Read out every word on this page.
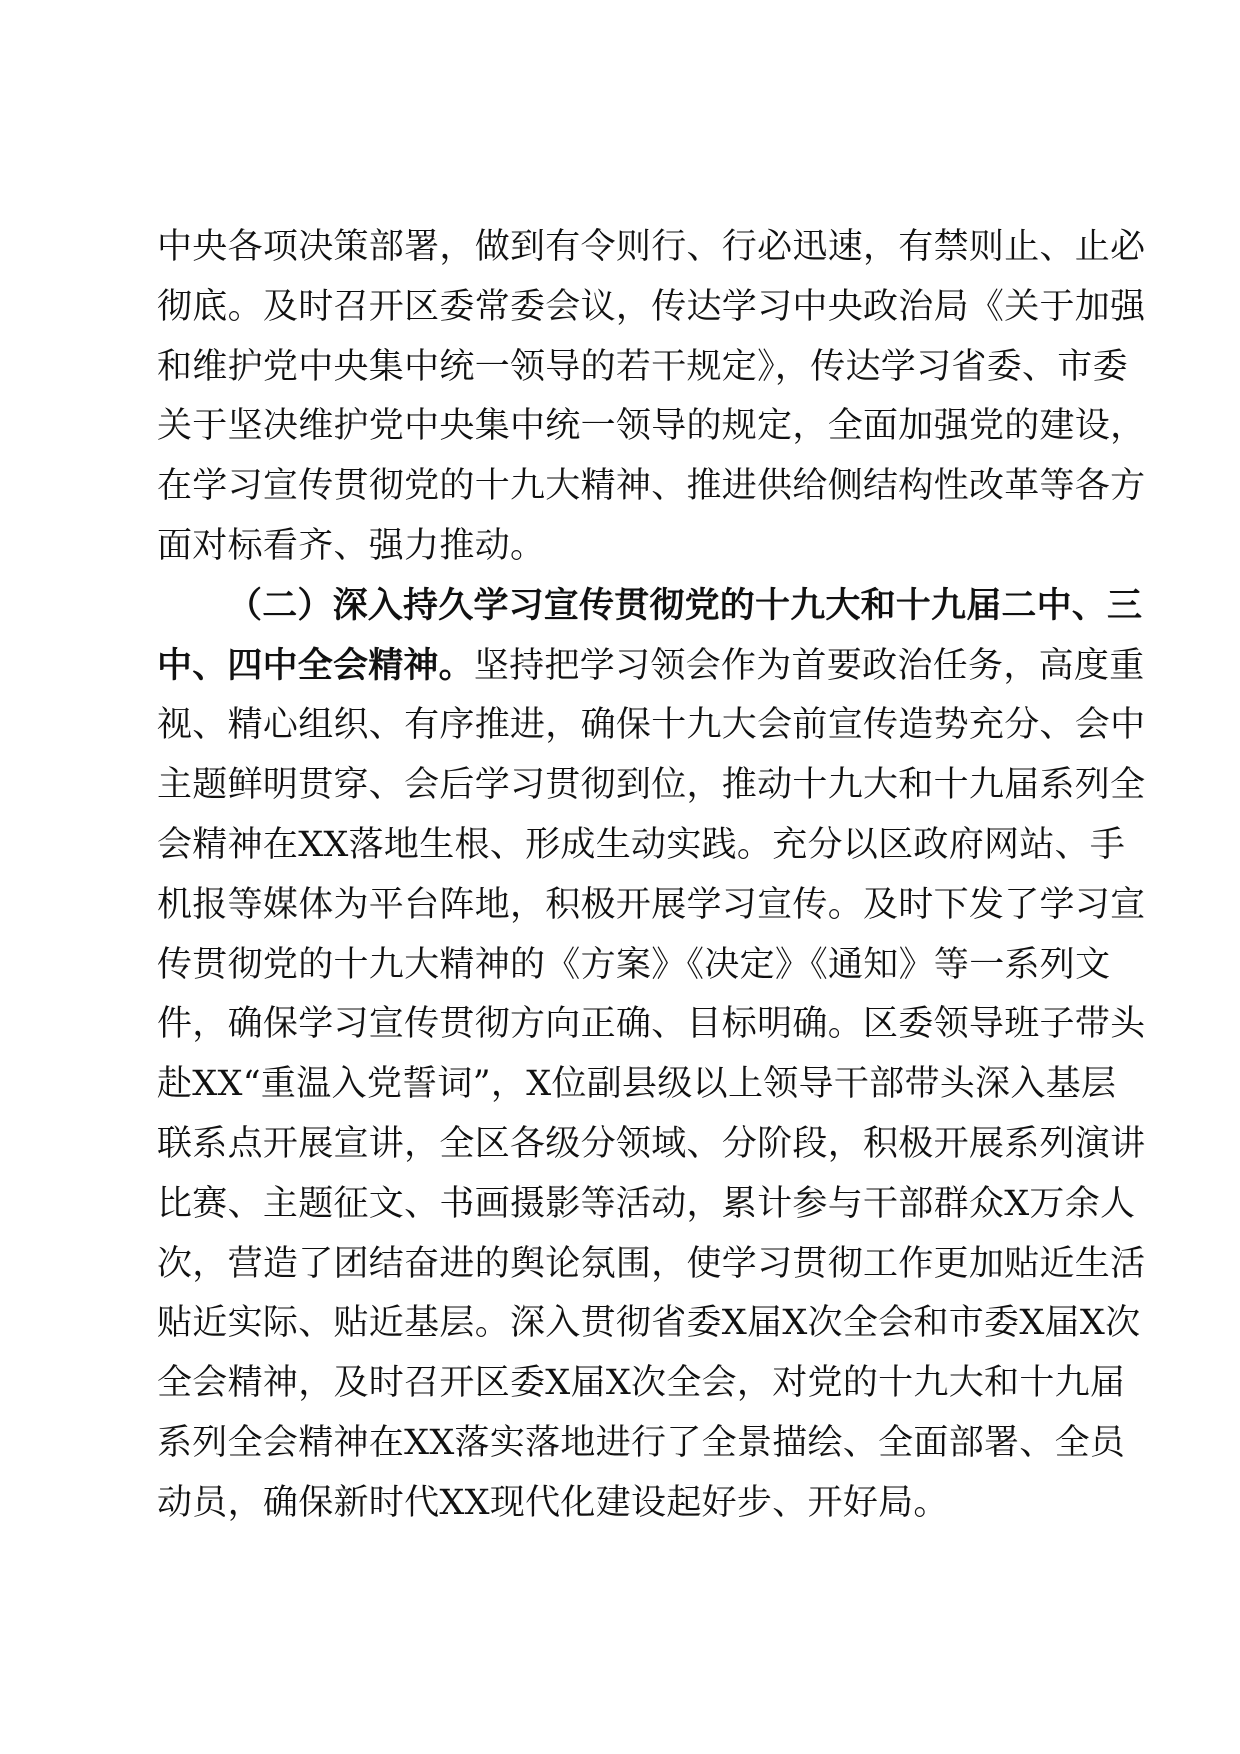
中央各项决策部署，做到有令则行、行必迅速，有禁则止、止必
彻底。及时召开区委常委会议，传达学习中央政治局《关于加强
和维护党中央集中统一领导的若干规定》，传达学习省委、市委
关于坚决维护党中央集中统一领导的规定，全面加强党的建设，
在学习宣传贯彻党的十九大精神、推进供给侧结构性改革等各方
面对标看齐、强力推动。
（二）深入持久学习宣传贯彻党的十九大和十九届二中、三
中、四中全会精神。坚持把学习领会作为首要政治任务，高度重
视、精心组织、有序推进，确保十九大会前宣传造势充分、会中
主题鲜明贯穿、会后学习贯彻到位，推动十九大和十九届系列全
会精神在XX落地生根、形成生动实践。充分以区政府网站、手
机报等媒体为平台阵地，积极开展学习宣传。及时下发了学习宣
传贯彻党的十九大精神的《方案》《决定》《通知》等一系列文
件，确保学习宣传贯彻方向正确、目标明确。区委领导班子带头
赴XX“重温入党誓词”，X位副县级以上领导干部带头深入基层
联系点开展宣讲，全区各级分领域、分阶段，积极开展系列演讲
比赛、主题征文、书画摄影等活动，累计参与干部群众X万余人
次，营造了团结奋进的舆论氛围，使学习贯彻工作更加贴近生活
贴近实际、贴近基层。深入贯彻省委X届X次全会和市委X届X次
全会精神，及时召开区委X届X次全会，对党的十九大和十九届
系列全会精神在XX落实落地进行了全景描绘、全面部署、全员
动员，确保新时代XX现代化建设起好步、开好局。
